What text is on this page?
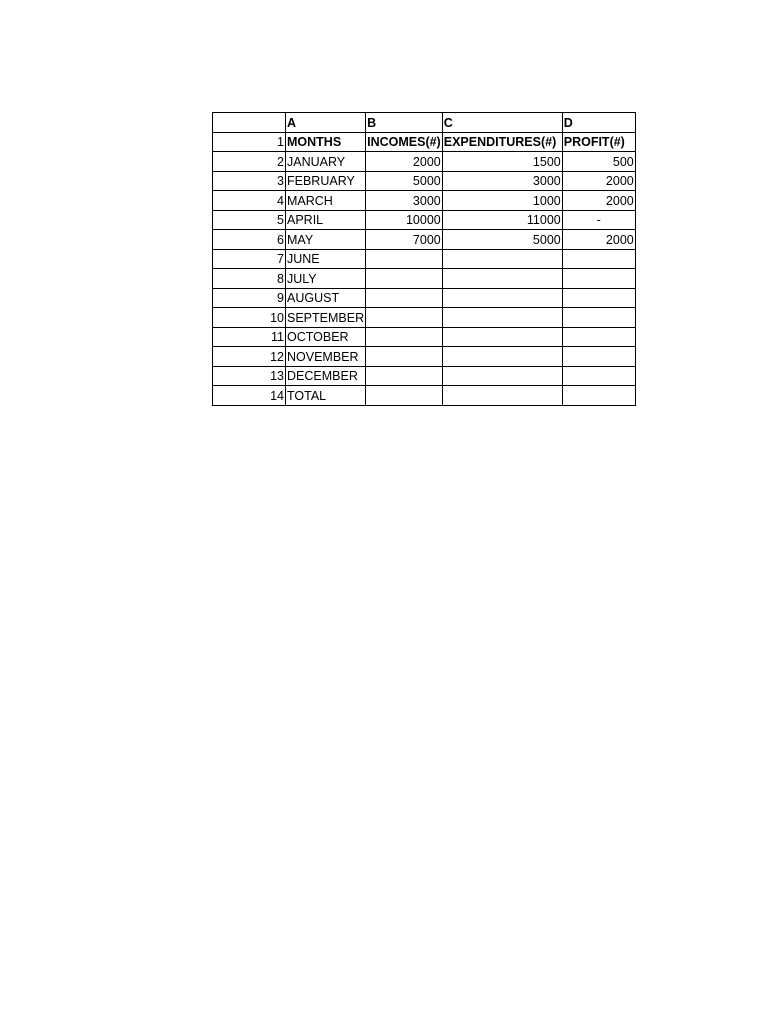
	A	B	C	D
1	MONTHS	INCOMES(#)	EXPENDITURES(#)	PROFIT(#)
2	JANUARY	2000	1500	500
3	FEBRUARY	5000	3000	2000
4	MARCH	3000	1000	2000
5	APRIL	10000	11000	-
6	MAY	7000	5000	2000
7	JUNE			
8	JULY			
9	AUGUST			
10	SEPTEMBER			
11	OCTOBER			
12	NOVEMBER			
13	DECEMBER			
14	TOTAL			
